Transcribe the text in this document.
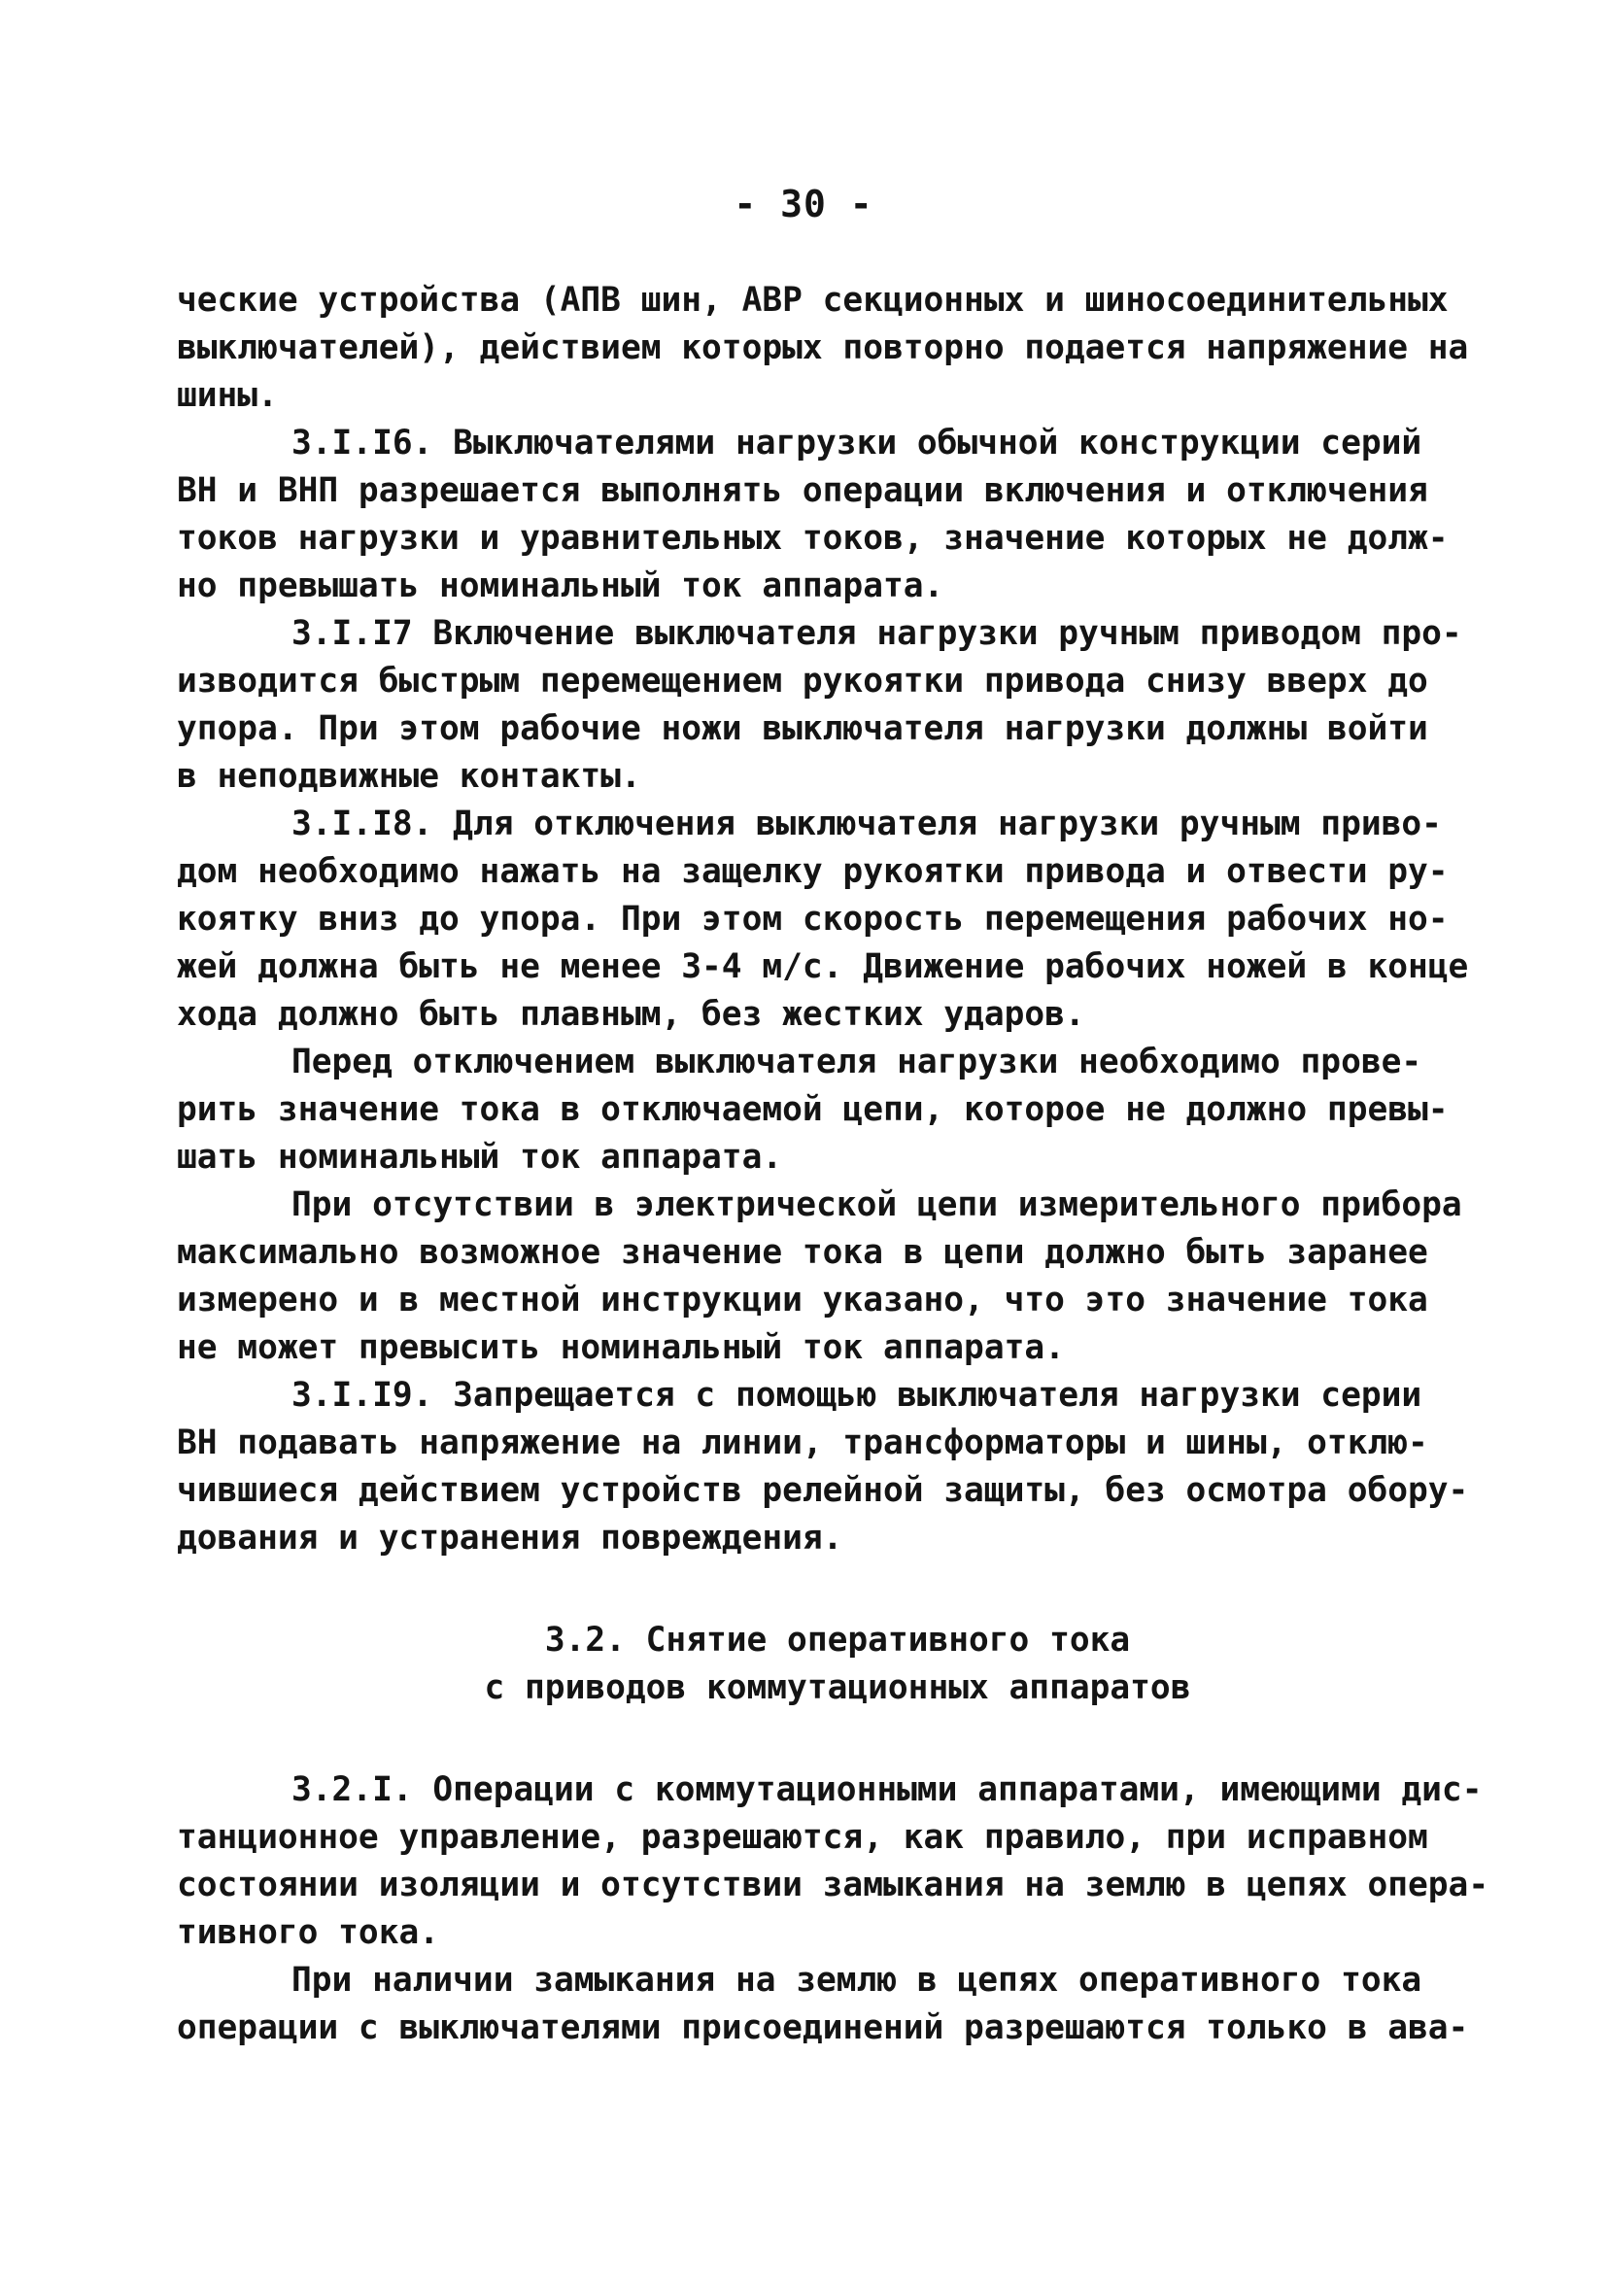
- 30 -
ческие устройства (АПВ шин, АВР секционных и шиносоединительных
выключателей), действием которых повторно подается напряжение на
шины.
3.I.I6. Выключателями нагрузки обычной конструкции серий
ВН и ВНП разрешается выполнять операции включения и отключения
токов нагрузки и уравнительных токов, значение которых не долж-
но превышать номинальный ток аппарата.
3.I.I7 Включение выключателя нагрузки ручным приводом про-
изводится быстрым перемещением рукоятки привода снизу вверх до
упора. При этом рабочие ножи выключателя нагрузки должны войти
в неподвижные контакты.
3.I.I8. Для отключения выключателя нагрузки ручным приво-
дом необходимо нажать на защелку рукоятки привода и отвести ру-
коятку вниз до упора. При этом скорость перемещения рабочих но-
жей должна быть не менее 3-4 м/с. Движение рабочих ножей в конце
хода должно быть плавным, без жестких ударов.
Перед отключением выключателя нагрузки необходимо прове-
рить значение тока в отключаемой цепи, которое не должно превы-
шать номинальный ток аппарата.
При отсутствии в электрической цепи измерительного прибора
максимально возможное значение тока в цепи должно быть заранее
измерено и в местной инструкции указано, что это значение тока
не может превысить номинальный ток аппарата.
3.I.I9. Запрещается с помощью выключателя нагрузки серии
ВН подавать напряжение на линии, трансформаторы и шины, отклю-
чившиеся действием устройств релейной защиты, без осмотра обору-
дования и устранения повреждения.
3.2. Снятие оперативного тока
с приводов коммутационных аппаратов
3.2.I. Операции с коммутационными аппаратами, имеющими дис-
танционное управление, разрешаются, как правило, при исправном
состоянии изоляции и отсутствии замыкания на землю в цепях опера-
тивного тока.
При наличии замыкания на землю в цепях оперативного тока
операции с выключателями присоединений разрешаются только в ава-
